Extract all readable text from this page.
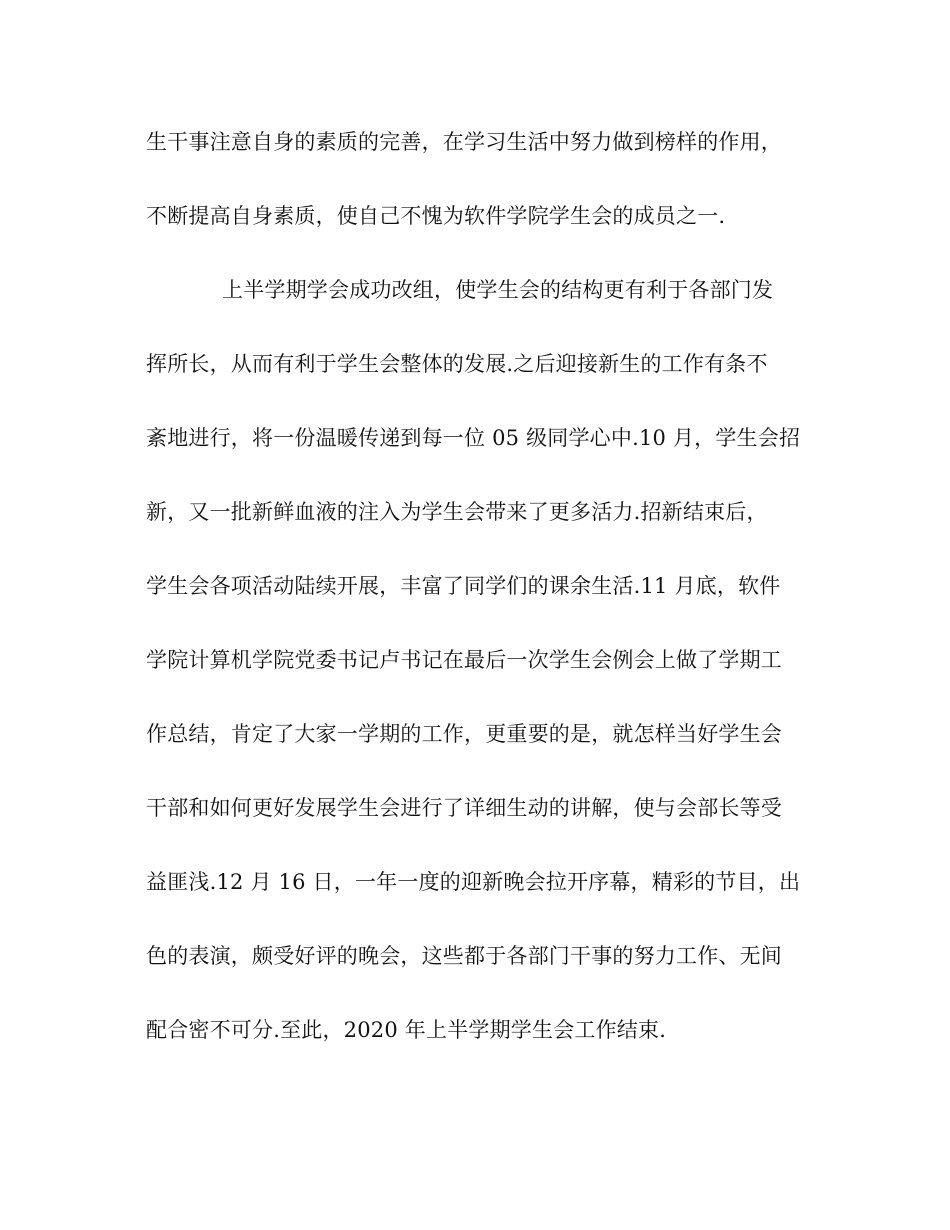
生干事注意自身的素质的完善，在学习生活中努力做到榜样的作用，
不断提高自身素质，使自己不愧为软件学院学生会的成员之一.
上半学期学会成功改组，使学生会的结构更有利于各部门发
挥所长，从而有利于学生会整体的发展.之后迎接新生的工作有条不
紊地进行，将一份温暖传递到每一位 05 级同学心中.10 月，学生会招
新，又一批新鲜血液的注入为学生会带来了更多活力.招新结束后，
学生会各项活动陆续开展，丰富了同学们的课余生活.11 月底，软件
学院计算机学院党委书记卢书记在最后一次学生会例会上做了学期工
作总结，肯定了大家一学期的工作，更重要的是，就怎样当好学生会
干部和如何更好发展学生会进行了详细生动的讲解，使与会部长等受
益匪浅.12 月 16 日，一年一度的迎新晚会拉开序幕，精彩的节目，出
色的表演，颇受好评的晚会，这些都于各部门干事的努力工作、无间
配合密不可分.至此，2020 年上半学期学生会工作结束.
